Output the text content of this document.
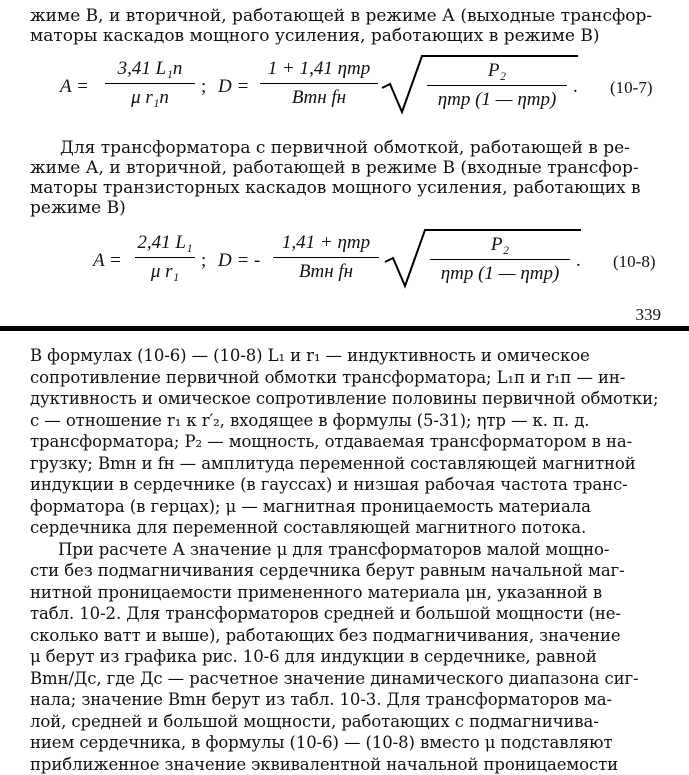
жиме В, и вторичной, работающей в режиме А (выходные трансфор-
маторы каскадов мощного усиления, работающих в режиме В)
A =
3,41 L₁п
μ r₁п
; D =
1 + 1,41 ηтр
Bmн fн
P₂
ηтр (1 — ηтр)
. (10-7)
Для трансформатора с первичной обмоткой, работающей в ре-
жиме А, и вторичной, работающей в режиме В (входные трансфор-
маторы транзисторных каскадов мощного усиления, работающих в
режиме В)
A =
2,41 L₁
μ r₁
; D = -
1,41 + ηтр
Bmн fн
P₂
ηтр (1 — ηтр)
. (10-8)
339
В формулах (10-6) — (10-8) L₁ и r₁ — индуктивность и омическое
сопротивление первичной обмотки трансформатора; L₁п и r₁п — ин-
дуктивность и омическое сопротивление половины первичной обмотки;
c — отношение r₁ к r′₂, входящее в формулы (5-31); ηтр — к. п. д.
трансформатора; P₂ — мощность, отдаваемая трансформатором в на-
грузку; Bmн и fн — амплитуда переменной составляющей магнитной
индукции в сердечнике (в гауссах) и низшая рабочая частота транс-
форматора (в герцах); μ — магнитная проницаемость материала
сердечника для переменной составляющей магнитного потока.
При расчете А значение μ для трансформаторов малой мощно-
сти без подмагничивания сердечника берут равным начальной маг-
нитной проницаемости примененного материала μн, указанной в
табл. 10-2. Для трансформаторов средней и большой мощности (не-
сколько ватт и выше), работающих без подмагничивания, значение
μ берут из графика рис. 10-6 для индукции в сердечнике, равной
Bmн/Дс, где Дс — расчетное значение динамического диапазона сиг-
нала; значение Bmн берут из табл. 10-3. Для трансформаторов ма-
лой, средней и большой мощности, работающих с подмагничива-
нием сердечника, в формулы (10-6) — (10-8) вместо μ подставляют
приближенное значение эквивалентной начальной проницаемости
